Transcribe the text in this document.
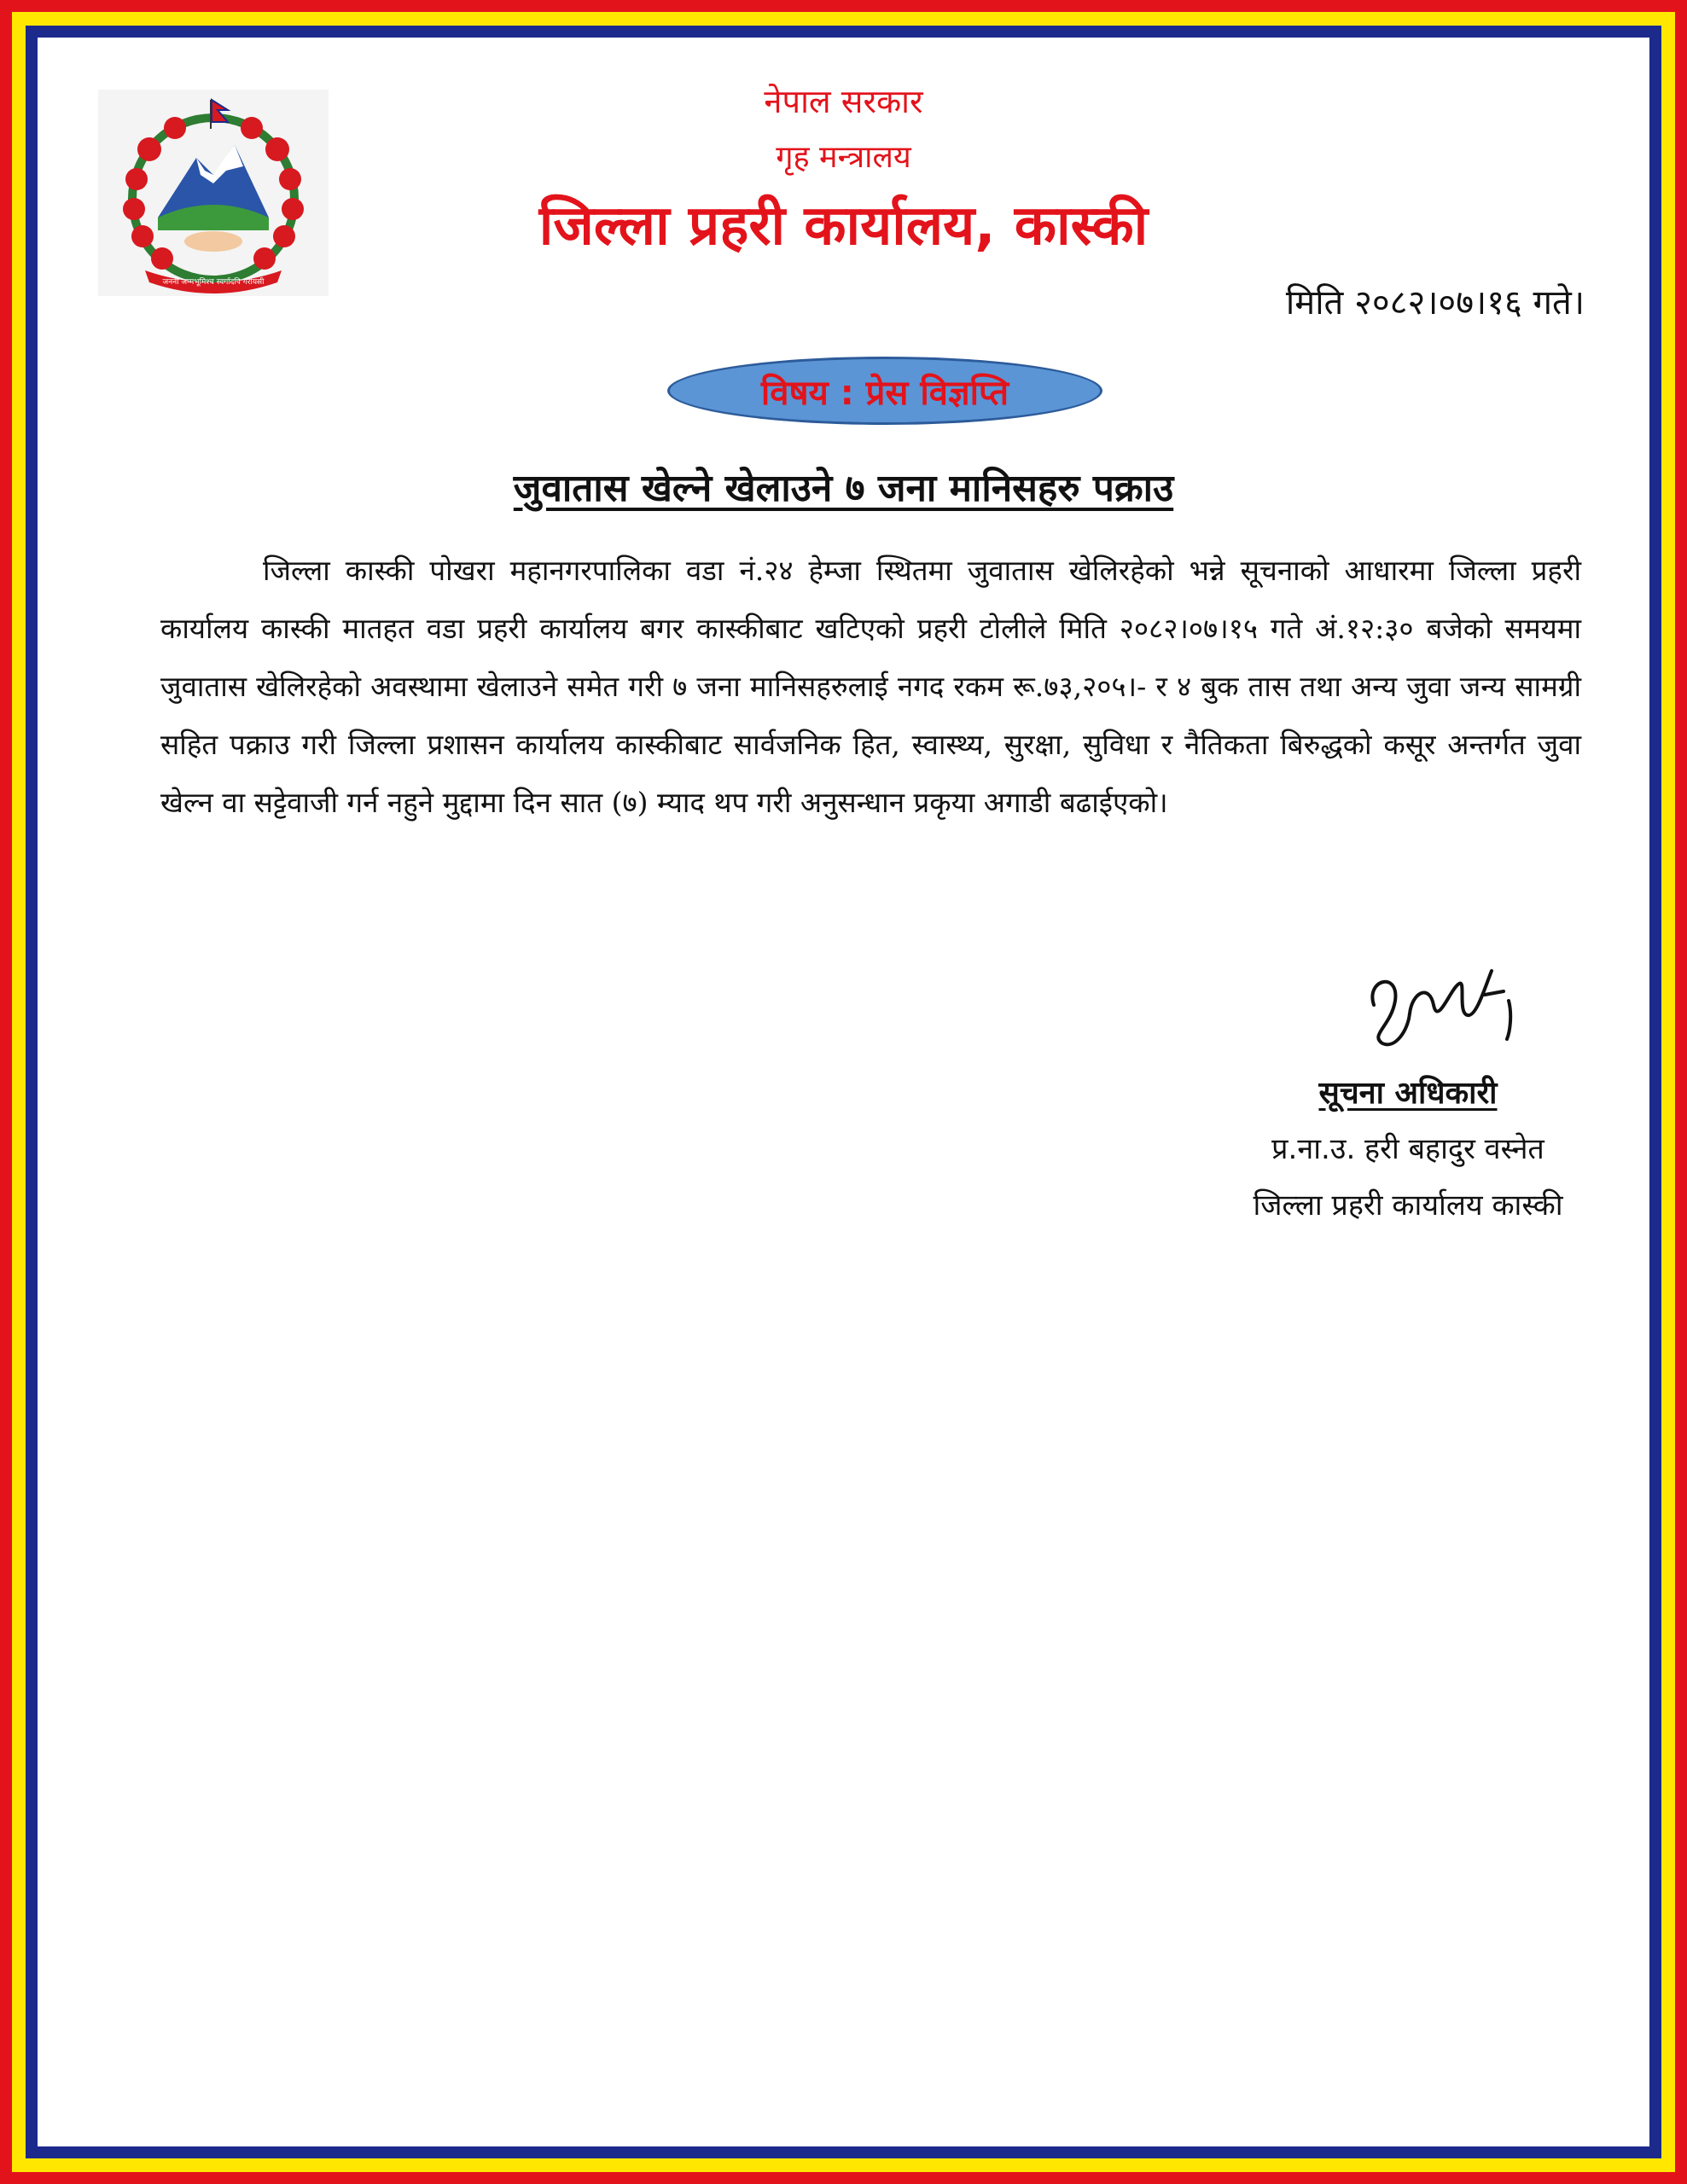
जननी जन्मभूमिश्च स्वर्गादपि गरीयसी
नेपाल सरकार
गृह मन्त्रालय
जिल्ला प्रहरी कार्यालय, कास्की
मिति २०८२।०७।१६ गते।
विषय : प्रेस विज्ञप्ति
जुवातास खेल्ने खेलाउने ७ जना मानिसहरु पक्राउ

जिल्ला कास्की पोखरा महानगरपालिका वडा नं.२४ हेम्जा स्थितमा जुवातास खेलिरहेको भन्ने सूचनाको आधारमा जिल्ला प्रहरी कार्यालय कास्की मातहत वडा प्रहरी कार्यालय बगर कास्कीबाट खटिएको प्रहरी टोलीले मिति २०८२।०७।१५ गते अं.१२:३० बजेको समयमा जुवातास खेलिरहेको अवस्थामा खेलाउने समेत गरी ७ जना मानिसहरुलाई नगद रकम रू.७३,२०५।- र ४ बुक तास तथा अन्य जुवा जन्य सामग्री सहित पक्राउ गरी जिल्ला प्रशासन कार्यालय कास्कीबाट सार्वजनिक हित, स्वास्थ्य, सुरक्षा, सुविधा र नैतिकता बिरुद्धको कसूर अन्तर्गत जुवा खेल्न वा सट्टेवाजी गर्न नहुने मुद्दामा दिन सात (७) म्याद थप गरी अनुसन्धान प्रकृया अगाडी बढाईएको।

सूचना अधिकारी
प्र.ना.उ. हरी बहादुर वस्नेत
जिल्ला प्रहरी कार्यालय कास्की
